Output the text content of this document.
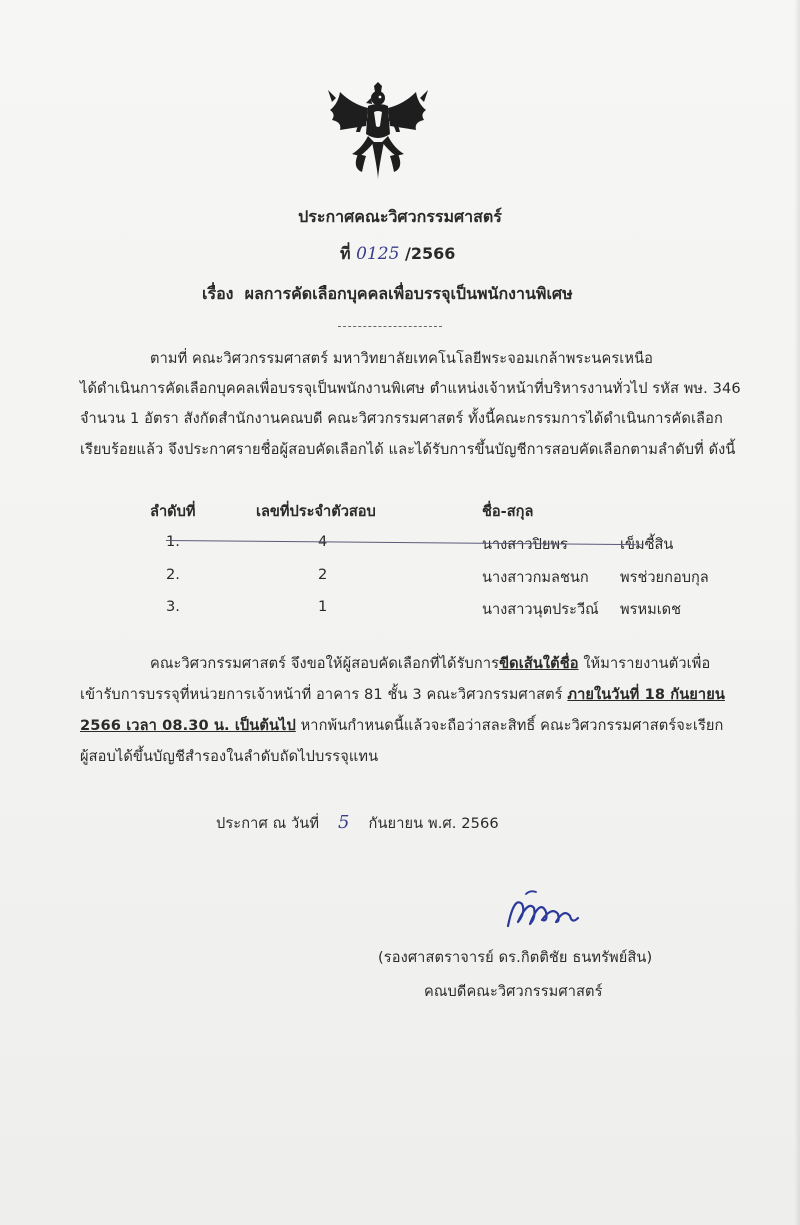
ประกาศคณะวิศวกรรมศาสตร์
ที่ 0125 /2566
เรื่อง ผลการคัดเลือกบุคคลเพื่อบรรจุเป็นพนักงานพิเศษ
ตามที่ คณะวิศวกรรมศาสตร์ มหาวิทยาลัยเทคโนโลยีพระจอมเกล้าพระนครเหนือ
ได้ดำเนินการคัดเลือกบุคคลเพื่อบรรจุเป็นพนักงานพิเศษ ตำแหน่งเจ้าหน้าที่บริหารงานทั่วไป รหัส พษ. 346
จำนวน 1 อัตรา สังกัดสำนักงานคณบดี คณะวิศวกรรมศาสตร์ ทั้งนี้คณะกรรมการได้ดำเนินการคัดเลือก
เรียบร้อยแล้ว จึงประกาศรายชื่อผู้สอบคัดเลือกได้ และได้รับการขึ้นบัญชีการสอบคัดเลือกตามลำดับที่ ดังนี้
ลำดับที่	เลขที่ประจำตัวสอบ	ชื่อ-สกุล
1.	4	นางสาวปิยพร	เข็มซี้สิน
2.	2	นางสาวกมลชนก พรช่วยกอบกุล
3.	1	นางสาวนุตประวีณ์ พรหมเดช
คณะวิศวกรรมศาสตร์ จึงขอให้ผู้สอบคัดเลือกที่ได้รับการขีดเส้นใต้ชื่อ ให้มารายงานตัวเพื่อ
เข้ารับการบรรจุที่หน่วยการเจ้าหน้าที่ อาคาร 81 ชั้น 3 คณะวิศวกรรมศาสตร์ ภายในวันที่ 18 กันยายน
2566 เวลา 08.30 น. เป็นต้นไป หากพ้นกำหนดนี้แล้วจะถือว่าสละสิทธิ์ คณะวิศวกรรมศาสตร์จะเรียก
ผู้สอบได้ขึ้นบัญชีสำรองในลำดับถัดไปบรรจุแทน
ประกาศ ณ วันที่ 5 กันยายน พ.ศ. 2566
(รองศาสตราจารย์ ดร.กิตติชัย ธนทรัพย์สิน)
คณบดีคณะวิศวกรรมศาสตร์
